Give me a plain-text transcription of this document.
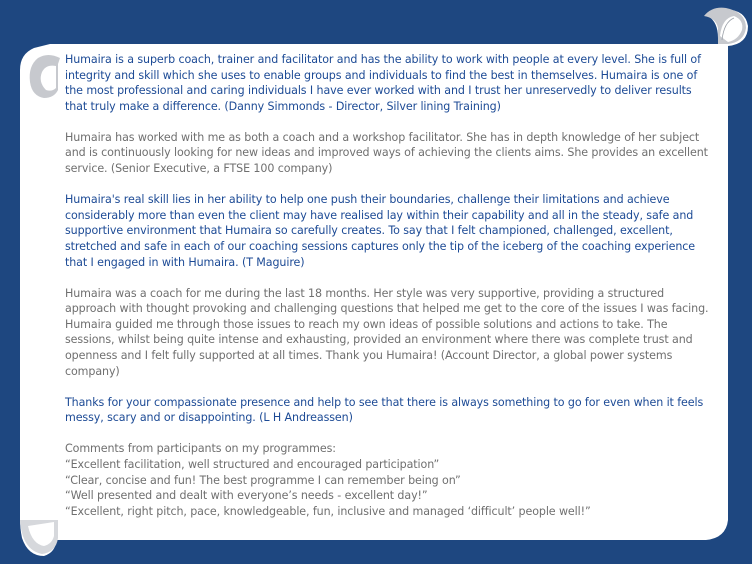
Humaira is a superb coach, trainer and facilitator and has the ability to work with people at every level. She is full of integrity and skill which she uses to enable groups and individuals to find the best in themselves. Humaira is one of the most professional and caring individuals I have ever worked with and I trust her unreservedly to deliver results that truly make a difference. (Danny Simmonds - Director, Silver lining Training)

Humaira has worked with me as both a coach and a workshop facilitator. She has in depth knowledge of her subject and is continuously looking for new ideas and improved ways of achieving the clients aims. She provides an excellent service. (Senior Executive, a FTSE 100 company)

Humaira's real skill lies in her ability to help one push their boundaries, challenge their limitations and achieve considerably more than even the client may have realised lay within their capability and all in the steady, safe and supportive environment that Humaira so carefully creates. To say that I felt championed, challenged, excellent, stretched and safe in each of our coaching sessions captures only the tip of the iceberg of the coaching experience that I engaged in with Humaira. (T Maguire)

Humaira was a coach for me during the last 18 months. Her style was very supportive, providing a structured approach with thought provoking and challenging questions that helped me get to the core of the issues I was facing. Humaira guided me through those issues to reach my own ideas of possible solutions and actions to take. The sessions, whilst being quite intense and exhausting, provided an environment where there was complete trust and openness and I felt fully supported at all times. Thank you Humaira! (Account Director, a global power systems company)

Thanks for your compassionate presence and help to see that there is always something to go for even when it feels messy, scary and or disappointing. (L H Andreassen)

Comments from participants on my programmes:
“Excellent facilitation, well structured and encouraged participation”
“Clear, concise and fun! The best programme I can remember being on”
“Well presented and dealt with everyone’s needs - excellent day!”
“Excellent, right pitch, pace, knowledgeable, fun, inclusive and managed ‘difficult’ people well!”
